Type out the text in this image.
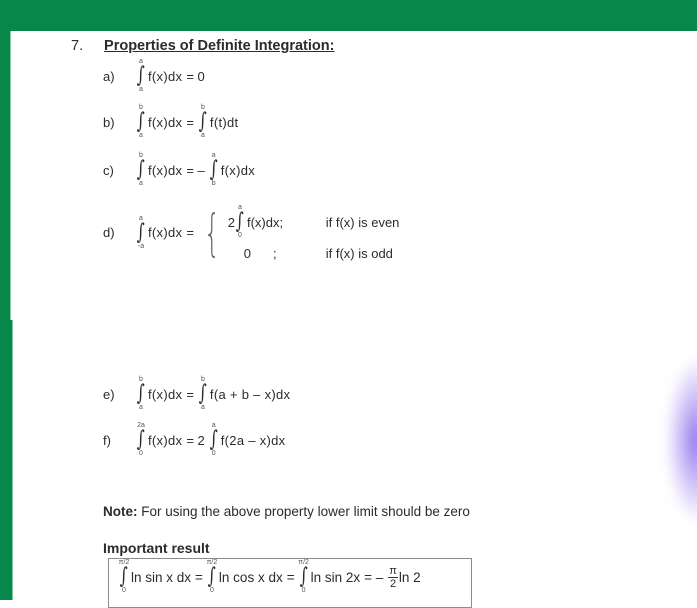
7. Properties of Definite Integration:
a)
a
∫
a
f(x)dx = 0
b)
b
∫
a
f(x)dx =
b
∫
a
f(t)dt
c)
b
∫
a
f(x)dx = –
a
∫
b
f(x)dx
d)
a
∫
-a
f(x)dx = { 2
a
∫
0
f(x)dx;	if f(x) is even
0 ;	if f(x) is odd
e)
b
∫
a
f(x)dx =
b
∫
a
f(a + b – x)dx
f)
2a
∫
0
f(x)dx = 2
a
∫
0
f(2a – x)dx
Note: For using the above property lower limit should be zero
Important result
π/2
∫
0
ln sin x dx =
π/2
∫
0
ln cos x dx =
π/2
∫
0
ln sin 2x = – $\frac{\pi}{2}$ ln 2
